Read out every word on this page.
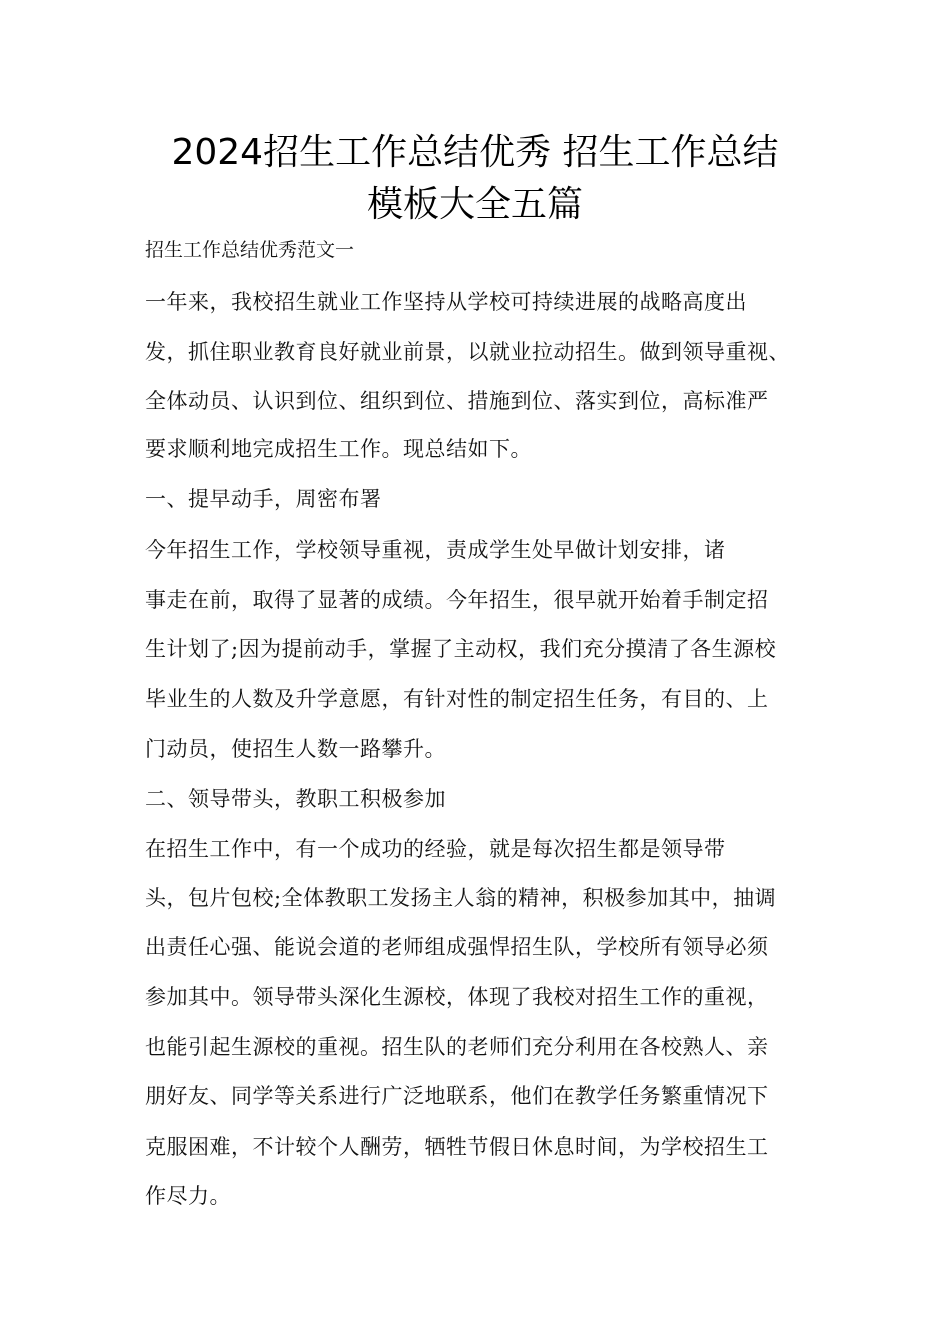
2024招生工作总结优秀 招生工作总结
模板大全五篇
招生工作总结优秀范文一
一年来，我校招生就业工作坚持从学校可持续进展的战略高度出
发，抓住职业教育良好就业前景，以就业拉动招生。做到领导重视、
全体动员、认识到位、组织到位、措施到位、落实到位，高标准严
要求顺利地完成招生工作。现总结如下。
一、提早动手，周密布署
今年招生工作，学校领导重视，责成学生处早做计划安排，诸
事走在前，取得了显著的成绩。今年招生，很早就开始着手制定招
生计划了;因为提前动手，掌握了主动权，我们充分摸清了各生源校
毕业生的人数及升学意愿，有针对性的制定招生任务，有目的、上
门动员，使招生人数一路攀升。
二、领导带头，教职工积极参加
在招生工作中，有一个成功的经验，就是每次招生都是领导带
头，包片包校;全体教职工发扬主人翁的精神，积极参加其中，抽调
出责任心强、能说会道的老师组成强悍招生队，学校所有领导必须
参加其中。领导带头深化生源校，体现了我校对招生工作的重视，
也能引起生源校的重视。招生队的老师们充分利用在各校熟人、亲
朋好友、同学等关系进行广泛地联系，他们在教学任务繁重情况下
克服困难，不计较个人酬劳，牺牲节假日休息时间，为学校招生工
作尽力。
